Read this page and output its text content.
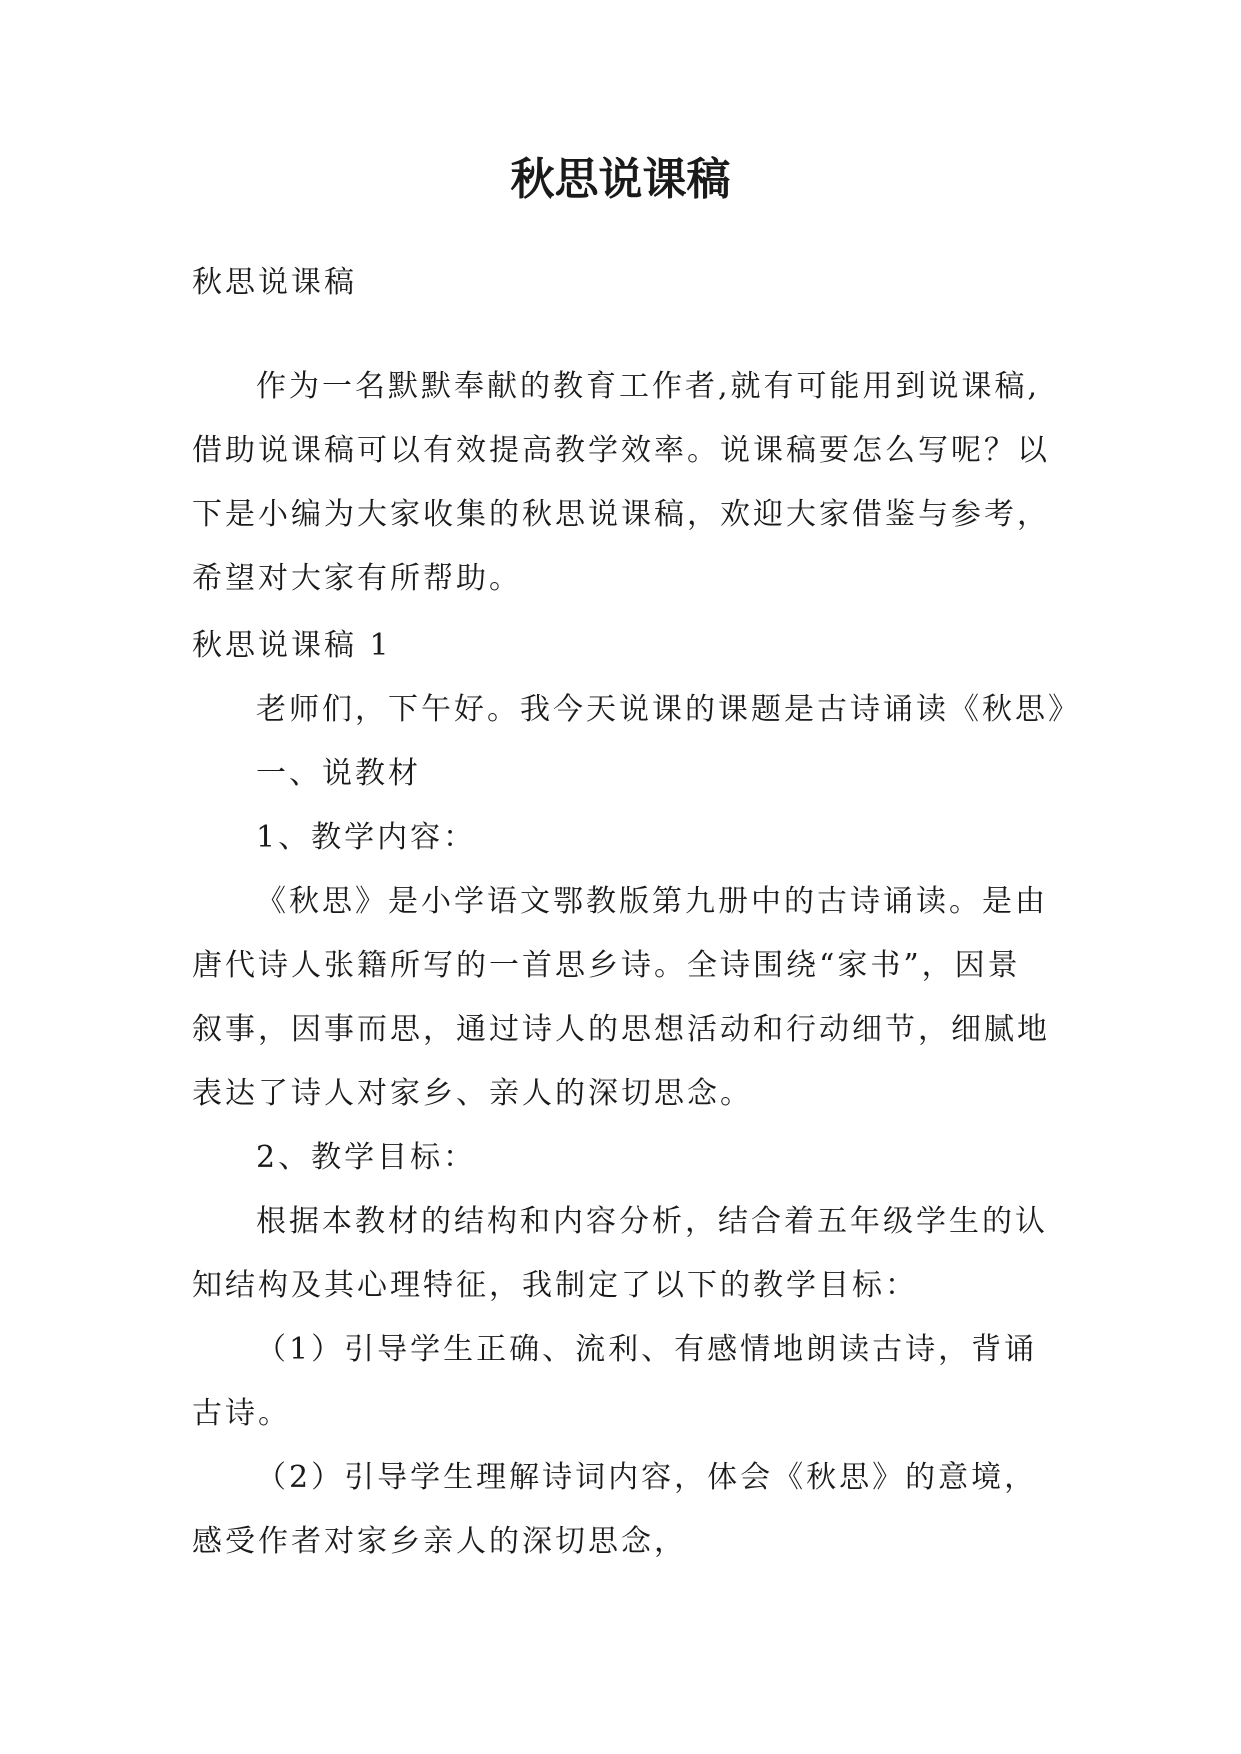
秋思说课稿
秋思说课稿
作为一名默默奉献的教育工作者,就有可能用到说课稿,
借助说课稿可以有效提高教学效率。说课稿要怎么写呢？以
下是小编为大家收集的秋思说课稿，欢迎大家借鉴与参考，
希望对大家有所帮助。
秋思说课稿 1
老师们，下午好。我今天说课的课题是古诗诵读《秋思》
一、说教材
1、教学内容：
《秋思》是小学语文鄂教版第九册中的古诗诵读。是由
唐代诗人张籍所写的一首思乡诗。全诗围绕“家书”，因景
叙事，因事而思，通过诗人的思想活动和行动细节，细腻地
表达了诗人对家乡、亲人的深切思念。
2、教学目标：
根据本教材的结构和内容分析，结合着五年级学生的认
知结构及其心理特征，我制定了以下的教学目标：
（1）引导学生正确、流利、有感情地朗读古诗，背诵
古诗。
（2）引导学生理解诗词内容，体会《秋思》的意境，
感受作者对家乡亲人的深切思念，
